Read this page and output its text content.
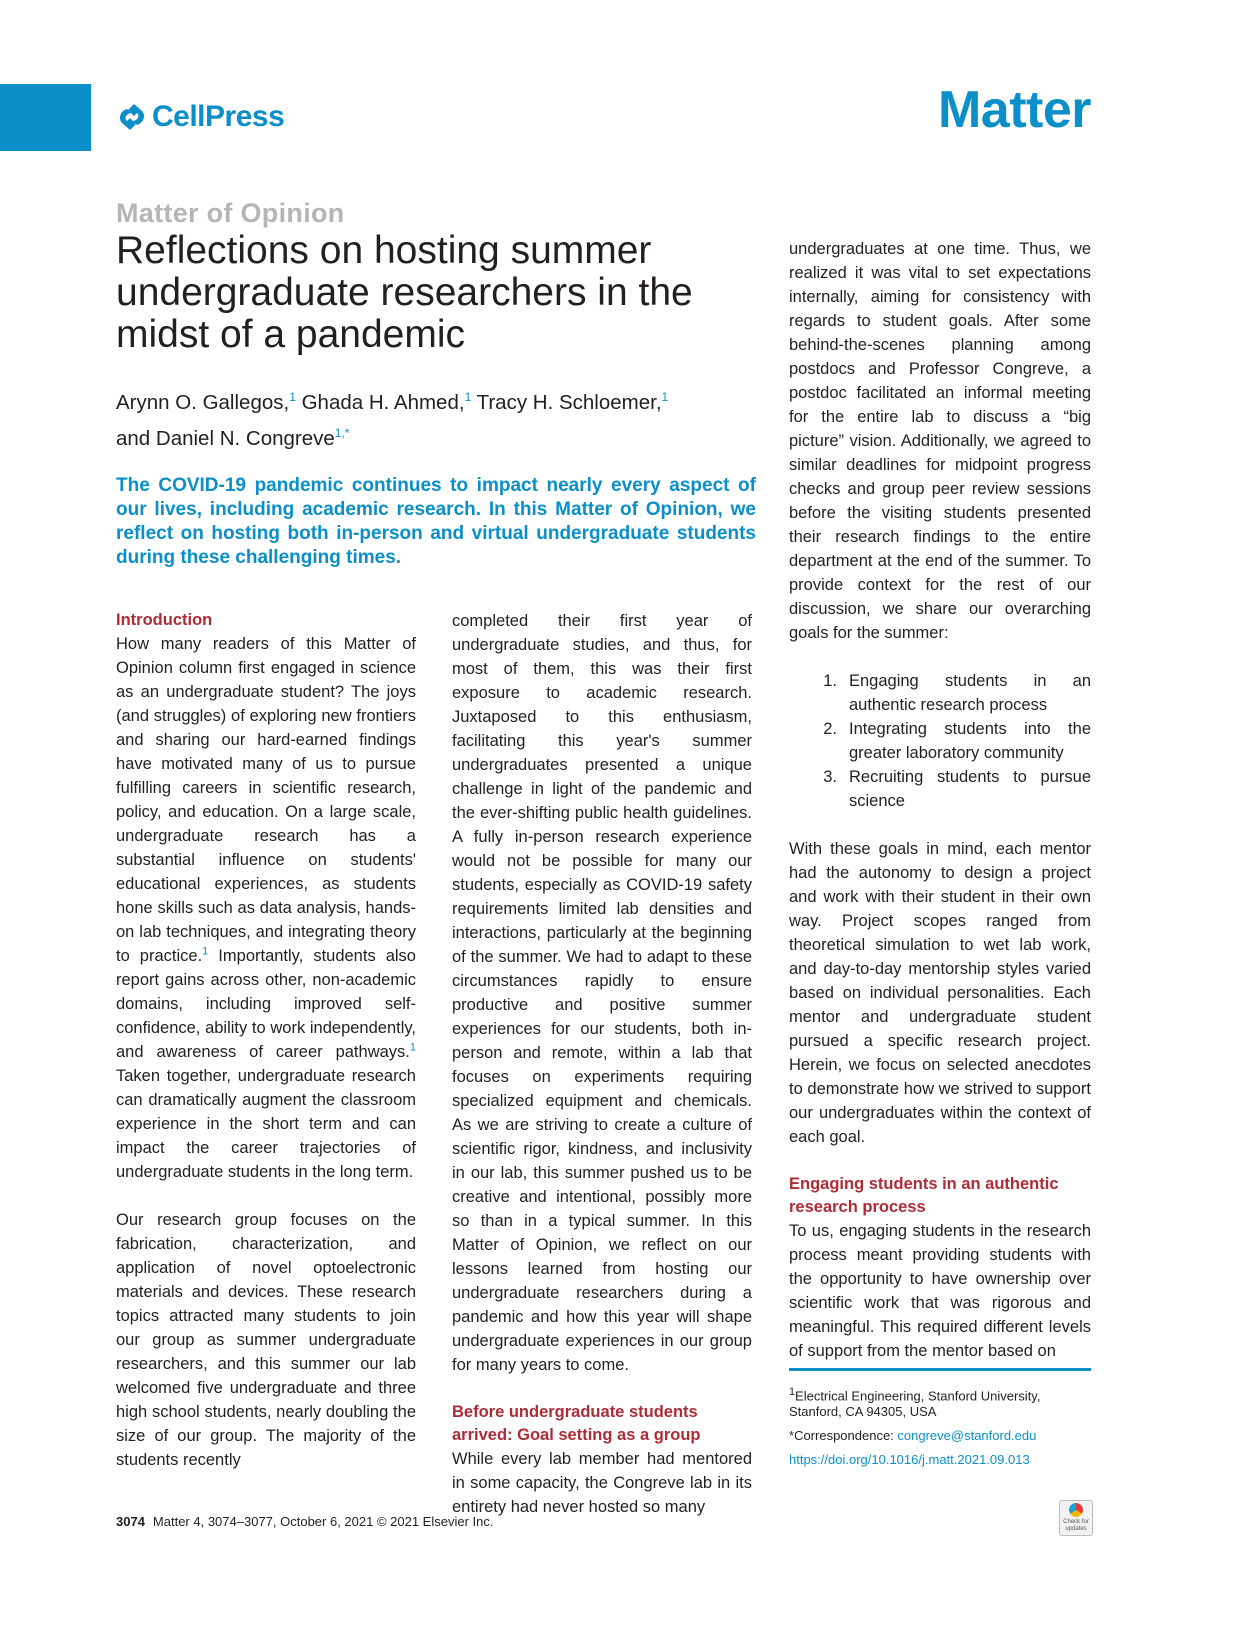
CellPress	Matter
Matter of Opinion
Reflections on hosting summer undergraduate researchers in the midst of a pandemic
Arynn O. Gallegos,$^1$ Ghada H. Ahmed,$^1$ Tracy H. Schloemer,$^1$
and Daniel N. Congreve$^{1,*}$
The COVID-19 pandemic continues to impact nearly every aspect of our lives, including academic research. In this Matter of Opinion, we reflect on hosting both in-person and virtual undergraduate students during these challenging times.
Introduction

How many readers of this Matter of Opinion column first engaged in science as an undergraduate student? The joys (and struggles) of exploring new frontiers and sharing our hard-earned findings have motivated many of us to pursue fulfilling careers in scientific research, policy, and education. On a large scale, undergraduate research has a substantial influence on students' educational experiences, as students hone skills such as data analysis, hands-on lab techniques, and integrating theory to practice.$^1$ Importantly, students also report gains across other, non-academic domains, including improved self-confidence, ability to work independently, and awareness of career pathways.$^1$ Taken together, undergraduate research can dramatically augment the classroom experience in the short term and can impact the career trajectories of undergraduate students in the long term.

Our research group focuses on the fabrication, characterization, and application of novel optoelectronic materials and devices. These research topics attracted many students to join our group as summer undergraduate researchers, and this summer our lab welcomed five undergraduate and three high school students, nearly doubling the size of our group. The majority of the students recently

completed their first year of undergraduate studies, and thus, for most of them, this was their first exposure to academic research. Juxtaposed to this enthusiasm, facilitating this year's summer undergraduates presented a unique challenge in light of the pandemic and the ever-shifting public health guidelines. A fully in-person research experience would not be possible for many our students, especially as COVID-19 safety requirements limited lab densities and interactions, particularly at the beginning of the summer. We had to adapt to these circumstances rapidly to ensure productive and positive summer experiences for our students, both in-person and remote, within a lab that focuses on experiments requiring specialized equipment and chemicals. As we are striving to create a culture of scientific rigor, kindness, and inclusivity in our lab, this summer pushed us to be creative and intentional, possibly more so than in a typical summer. In this Matter of Opinion, we reflect on our lessons learned from hosting our undergraduate researchers during a pandemic and how this year will shape undergraduate experiences in our group for many years to come.

Before undergraduate students arrived: Goal setting as a group

While every lab member had mentored in some capacity, the Congreve lab in its entirety had never hosted so many

undergraduates at one time. Thus, we realized it was vital to set expectations internally, aiming for consistency with regards to student goals. After some behind-the-scenes planning among postdocs and Professor Congreve, a postdoc facilitated an informal meeting for the entire lab to discuss a “big picture” vision. Additionally, we agreed to similar deadlines for midpoint progress checks and group peer review sessions before the visiting students presented their research findings to the entire department at the end of the summer. To provide context for the rest of our discussion, we share our overarching goals for the summer:

1. Engaging students in an authentic research process
2. Integrating students into the greater laboratory community
3. Recruiting students to pursue science

With these goals in mind, each mentor had the autonomy to design a project and work with their student in their own way. Project scopes ranged from theoretical simulation to wet lab work, and day-to-day mentorship styles varied based on individual personalities. Each mentor and undergraduate student pursued a specific research project. Herein, we focus on selected anecdotes to demonstrate how we strived to support our undergraduates within the context of each goal.

Engaging students in an authentic research process

To us, engaging students in the research process meant providing students with the opportunity to have ownership over scientific work that was rigorous and meaningful. This required different levels of support from the mentor based on

$^1$Electrical Engineering, Stanford University, Stanford, CA 94305, USA
*Correspondence: congreve@stanford.edu
https://doi.org/10.1016/j.matt.2021.09.013
3074 Matter 4, 3074–3077, October 6, 2021 © 2021 Elsevier Inc.	Check for updates
